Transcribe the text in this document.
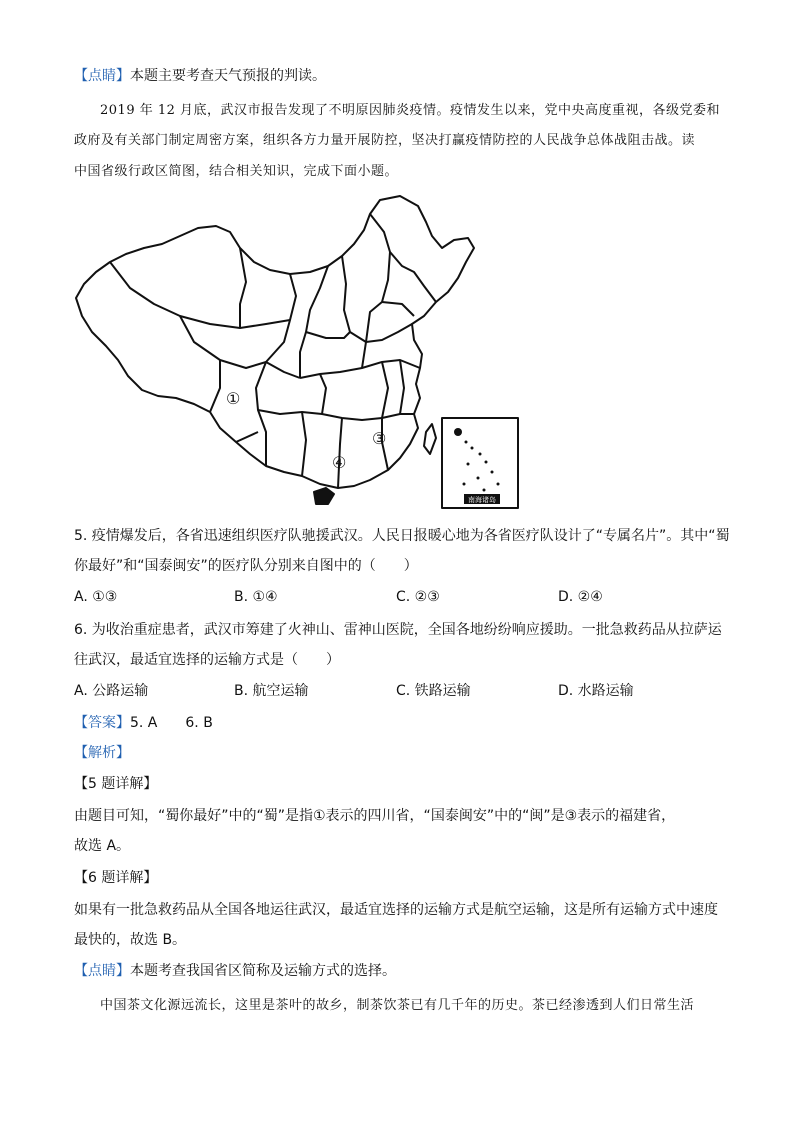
【点睛】本题主要考查天气预报的判读。
2019 年 12 月底，武汉市报告发现了不明原因肺炎疫情。疫情发生以来，党中央高度重视，各级党委和
政府及有关部门制定周密方案，组织各方力量开展防控，坚决打赢疫情防控的人民战争总体战阻击战。读
中国省级行政区简图，结合相关知识，完成下面小题。
南海诸岛
①
③
④
5. 疫情爆发后，各省迅速组织医疗队驰援武汉。人民日报暖心地为各省医疗队设计了“专属名片”。其中“蜀
你最好”和“国泰闽安”的医疗队分别来自图中的（　　）
A. ①③	B. ①④	C. ②③	D. ②④
6. 为收治重症患者，武汉市筹建了火神山、雷神山医院，全国各地纷纷响应援助。一批急救药品从拉萨运
往武汉，最适宜选择的运输方式是（　　）
A. 公路运输	B. 航空运输	C. 铁路运输	D. 水路运输
【答案】5. A　　6. B
【解析】
【5 题详解】
由题目可知，“蜀你最好”中的“蜀”是指①表示的四川省，“国泰闽安”中的“闽”是③表示的福建省，
故选 A。
【6 题详解】
如果有一批急救药品从全国各地运往武汉，最适宜选择的运输方式是航空运输，这是所有运输方式中速度
最快的，故选 B。
【点睛】本题考查我国省区简称及运输方式的选择。
中国茶文化源远流长，这里是茶叶的故乡，制茶饮茶已有几千年的历史。茶已经渗透到人们日常生活
